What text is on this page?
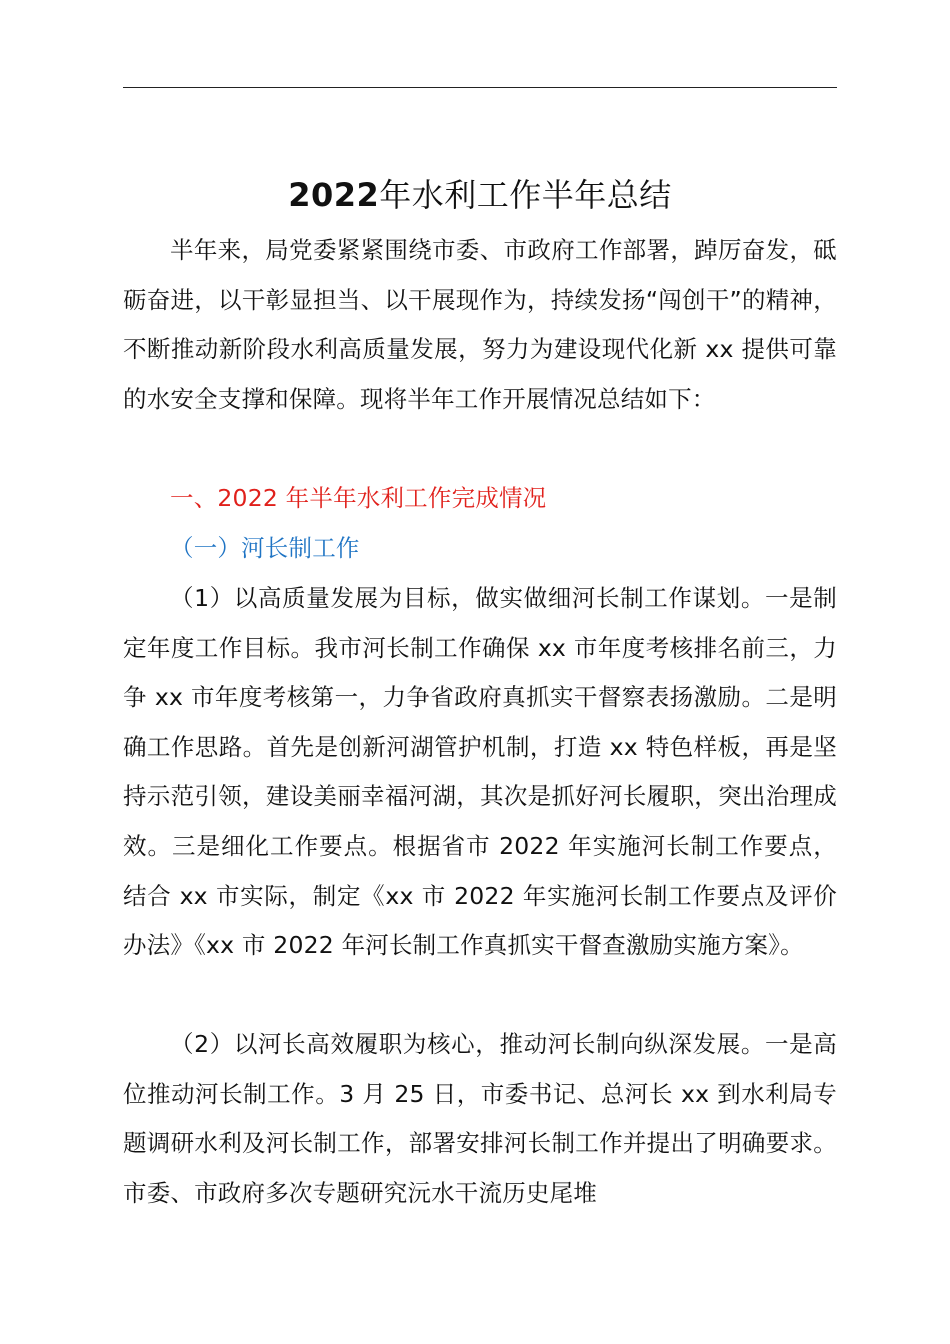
2022年水利工作半年总结

半年来，局党委紧紧围绕市委、市政府工作部署，踔厉奋发，砥砺奋进，以干彰显担当、以干展现作为，持续发扬“闯创干”的精神，不断推动新阶段水利高质量发展，努力为建设现代化新 xx 提供可靠的水安全支撑和保障。现将半年工作开展情况总结如下：

一、2022 年半年水利工作完成情况

（一）河长制工作

（1）以高质量发展为目标，做实做细河长制工作谋划。一是制定年度工作目标。我市河长制工作确保 xx 市年度考核排名前三，力争 xx 市年度考核第一，力争省政府真抓实干督察表扬激励。二是明确工作思路。首先是创新河湖管护机制，打造 xx 特色样板，再是坚持示范引领，建设美丽幸福河湖，其次是抓好河长履职，突出治理成效。三是细化工作要点。根据省市 2022 年实施河长制工作要点，结合 xx 市实际，制定《xx 市 2022 年实施河长制工作要点及评价办法》《xx 市 2022 年河长制工作真抓实干督查激励实施方案》。

（2）以河长高效履职为核心，推动河长制向纵深发展。一是高位推动河长制工作。3 月 25 日，市委书记、总河长 xx 到水利局专题调研水利及河长制工作，部署安排河长制工作并提出了明确要求。市委、市政府多次专题研究沅水干流历史尾堆
